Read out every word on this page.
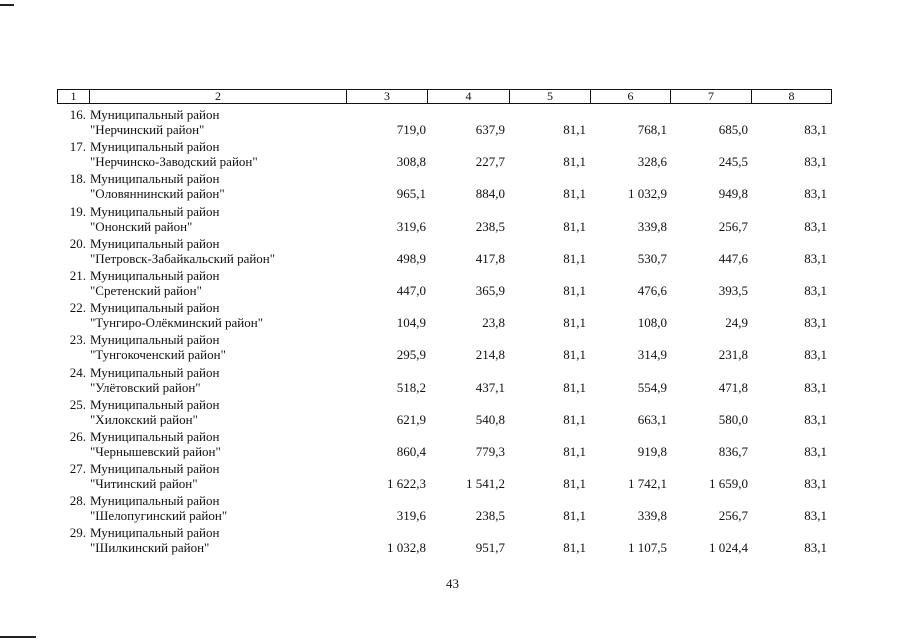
1	2	3	4	5	6	7	8
16. Муниципальный район
"Нерчинский район"	719,0	637,9	81,1	768,1	685,0	83,1
17. Муниципальный район
"Нерчинско-Заводский район"	308,8	227,7	81,1	328,6	245,5	83,1
18. Муниципальный район
"Оловяннинский район"	965,1	884,0	81,1	1 032,9	949,8	83,1
19. Муниципальный район
"Ононский район"	319,6	238,5	81,1	339,8	256,7	83,1
20. Муниципальный район
"Петровск-Забайкальский район"	498,9	417,8	81,1	530,7	447,6	83,1
21. Муниципальный район
"Сретенский район"	447,0	365,9	81,1	476,6	393,5	83,1
22. Муниципальный район
"Тунгиро-Олёкминский район"	104,9	23,8	81,1	108,0	24,9	83,1
23. Муниципальный район
"Тунгокоченский район"	295,9	214,8	81,1	314,9	231,8	83,1
24. Муниципальный район
"Улётовский район"	518,2	437,1	81,1	554,9	471,8	83,1
25. Муниципальный район
"Хилокский район"	621,9	540,8	81,1	663,1	580,0	83,1
26. Муниципальный район
"Чернышевский район"	860,4	779,3	81,1	919,8	836,7	83,1
27. Муниципальный район
"Читинский район"	1 622,3	1 541,2	81,1	1 742,1	1 659,0	83,1
28. Муниципальный район
"Шелопугинский район"	319,6	238,5	81,1	339,8	256,7	83,1
29. Муниципальный район
"Шилкинский район"	1 032,8	951,7	81,1	1 107,5	1 024,4	83,1
43
